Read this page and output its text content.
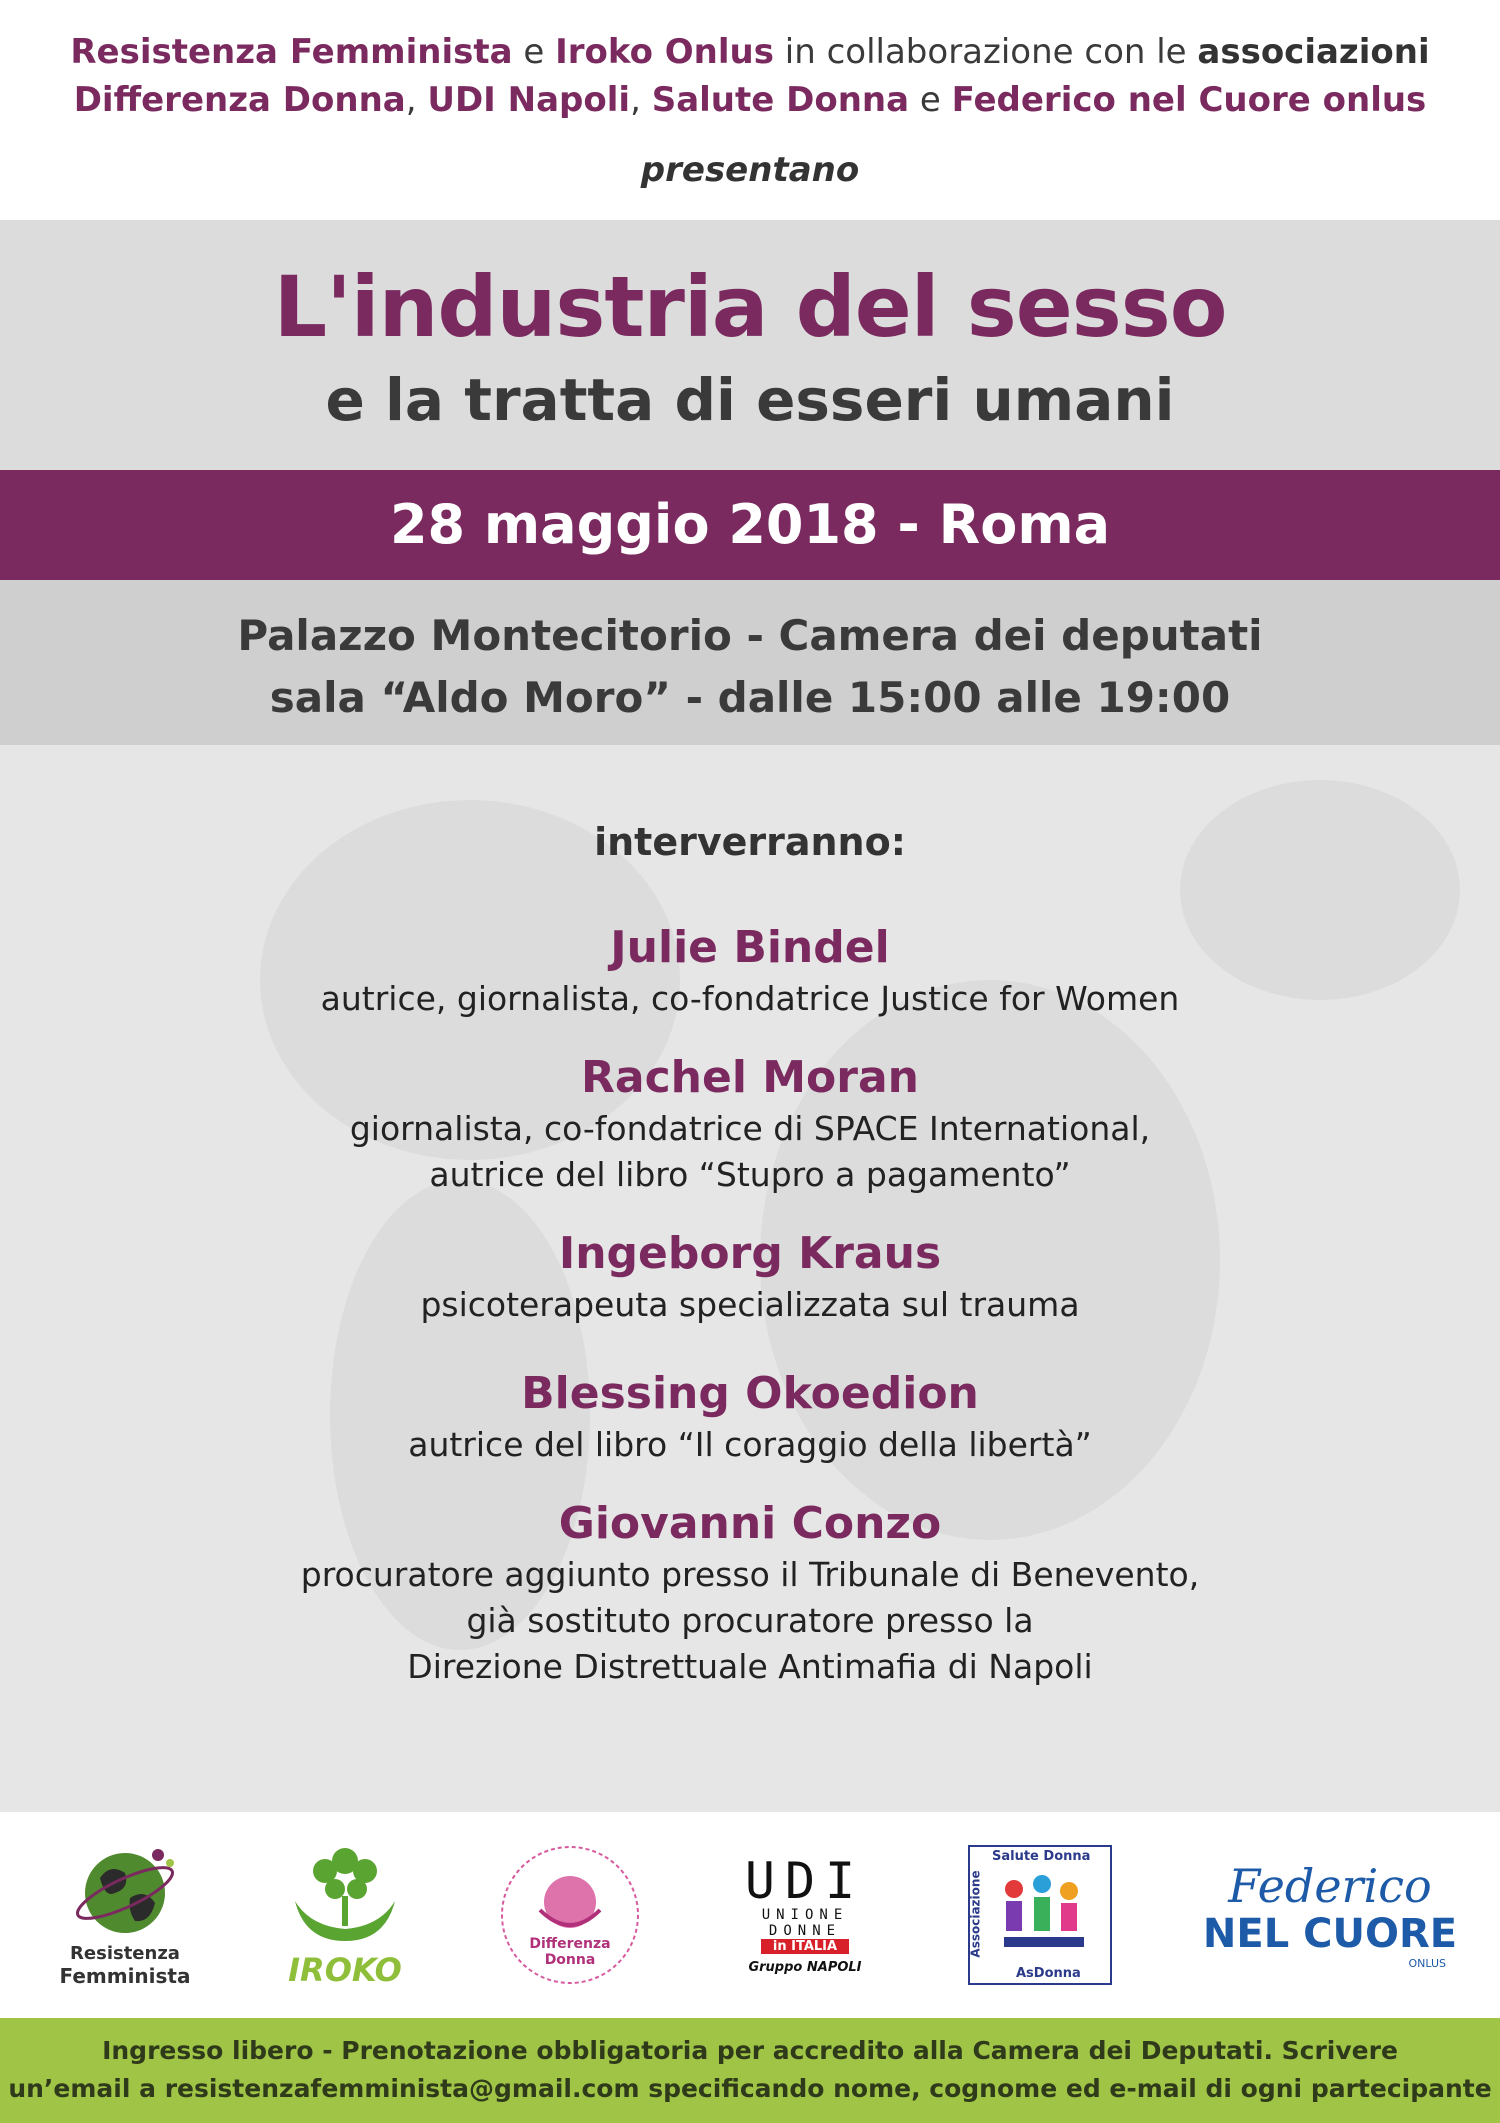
Resistenza Femminista e Iroko Onlus in collaborazione con le associazioni
Differenza Donna, UDI Napoli, Salute Donna e Federico nel Cuore onlus
presentano
L'industria del sesso
e la tratta di esseri umani
28 maggio 2018 - Roma
Palazzo Montecitorio - Camera dei deputati
sala “Aldo Moro” - dalle 15:00 alle 19:00
interverranno:
Julie Bindel
autrice, giornalista, co-fondatrice Justice for Women
Rachel Moran
giornalista, co-fondatrice di SPACE International,
autrice del libro “Stupro a pagamento”
Ingeborg Kraus
psicoterapeuta specializzata sul trauma
Blessing Okoedion
autrice del libro “Il coraggio della libertà”
Giovanni Conzo
procuratore aggiunto presso il Tribunale di Benevento,
già sostituto procuratore presso la
Direzione Distrettuale Antimafia di Napoli
Resistenza
Femminista	IROKO
Differenza
Donna
UDI
UNIONE
DONNE
in ITALIA
Gruppo NAPOLI
Salute Donna
Associazione
AsDonna
Federico
NEL CUORE
ONLUS
Ingresso libero - Prenotazione obbligatoria per accredito alla Camera dei Deputati. Scrivere
un’email a resistenzafemminista@gmail.com specificando nome, cognome ed e-mail di ogni partecipante
